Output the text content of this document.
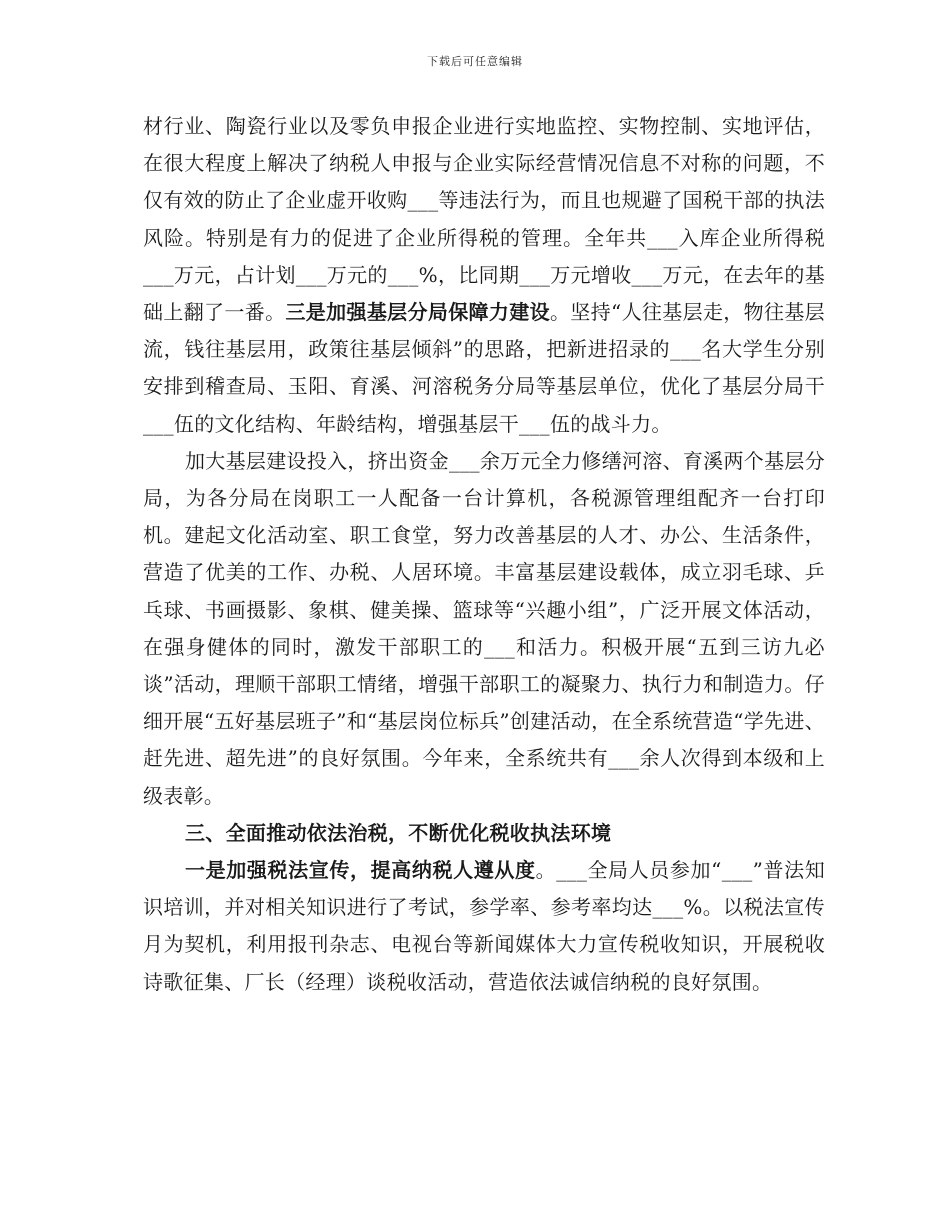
下载后可任意编辑

材行业、陶瓷行业以及零负申报企业进行实地监控、实物控制、实地评估，在很大程度上解决了纳税人申报与企业实际经营情况信息不对称的问题，不仅有效的防止了企业虚开收购___等违法行为，而且也规避了国税干部的执法风险。特别是有力的促进了企业所得税的管理。全年共___入库企业所得税___万元，占计划___万元的___%，比同期___万元增收___万元，在去年的基础上翻了一番。三是加强基层分局保障力建设。坚持“人往基层走，物往基层流，钱往基层用，政策往基层倾斜”的思路，把新进招录的___名大学生分别安排到稽查局、玉阳、育溪、河溶税务分局等基层单位，优化了基层分局干___伍的文化结构、年龄结构，增强基层干___伍的战斗力。

加大基层建设投入，挤出资金___余万元全力修缮河溶、育溪两个基层分局，为各分局在岗职工一人配备一台计算机，各税源管理组配齐一台打印机。建起文化活动室、职工食堂，努力改善基层的人才、办公、生活条件，营造了优美的工作、办税、人居环境。丰富基层建设载体，成立羽毛球、乒乓球、书画摄影、象棋、健美操、篮球等“兴趣小组”，广泛开展文体活动，在强身健体的同时，激发干部职工的___和活力。积极开展“五到三访九必谈”活动，理顺干部职工情绪，增强干部职工的凝聚力、执行力和制造力。仔细开展“五好基层班子”和“基层岗位标兵”创建活动，在全系统营造“学先进、赶先进、超先进”的良好氛围。今年来，全系统共有___余人次得到本级和上级表彰。

三、全面推动依法治税，不断优化税收执法环境

一是加强税法宣传，提高纳税人遵从度。___全局人员参加“___”普法知识培训，并对相关知识进行了考试，参学率、参考率均达___%。以税法宣传月为契机，利用报刊杂志、电视台等新闻媒体大力宣传税收知识，开展税收诗歌征集、厂长（经理）谈税收活动，营造依法诚信纳税的良好氛围。
